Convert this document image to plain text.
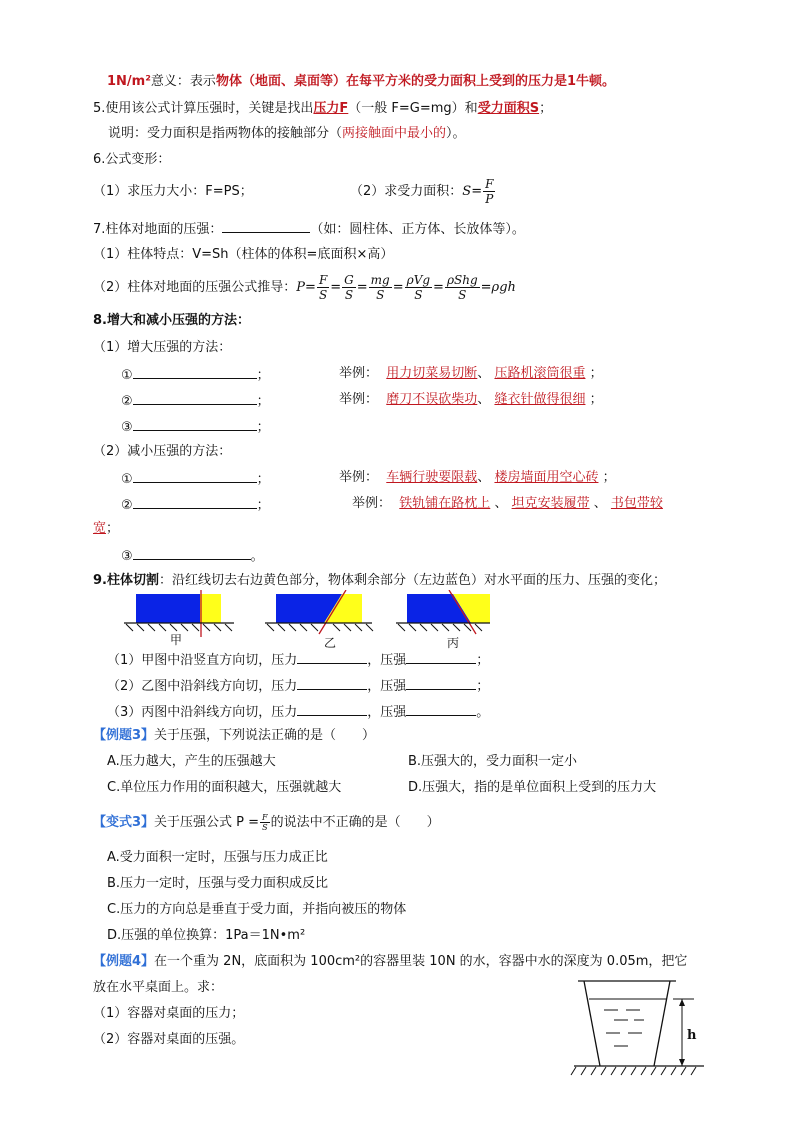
1N/m²意义：表示物体（地面、桌面等）在每平方米的受力面积上受到的压力是1牛顿。
5.使用该公式计算压强时，关键是找出压力F（一般 F=G=mg）和受力面积S；
说明：受力面积是指两物体的接触部分（两接触面中最小的）。
6.公式变形：
（1）求压力大小：F=PS；	（2）求受力面积：$S= \frac{F}{P}$
7.柱体对地面的压强：	（如：圆柱体、正方体、长放体等）。
（1）柱体特点：V=Sh（柱体的体积=底面积×高）
（2）柱体对地面的压强公式推导：$P= \frac{F}{S} = \frac{G}{S} = \frac{mg}{S} = \frac{\text{ρVg}}{S} = \frac{\text{ρShg}}{S} =\rho gh$
8.增大和减小压强的方法：
（1）增大压强的方法：
①	；	举例： 用力切菜易切断、 压路机滚筒很重 ；
②	；	举例： 磨刀不误砍柴功、 缝衣针做得很细 ；
③	；
（2）减小压强的方法：
①	；	举例： 车辆行驶要限载、 楼房墙面用空心砖 ；
②	；	举例： 铁轨铺在路枕上 、 坦克安装履带 、 书包带较
宽；
③	。
9.柱体切割：沿红线切去右边黄色部分，物体剩余部分（左边蓝色）对水平面的压力、压强的变化；
甲	乙	丙
（1）甲图中沿竖直方向切，压力	，压强	；
（2）乙图中沿斜线方向切，压力	，压强	；
（3）丙图中沿斜线方向切，压力	，压强	。
【例题3】关于压强，下列说法正确的是（　　）
A.压力越大，产生的压强越大	B.压强大的，受力面积一定小
C.单位压力作用的面积越大，压强就越大	D.压强大，指的是单位面积上受到的压力大
【变式3】关于压强公式 $P = \frac{F}{S}$ 的说法中不正确的是（　　）
A.受力面积一定时，压强与压力成正比
B.压力一定时，压强与受力面积成反比
C.压力的方向总是垂直于受力面，并指向被压的物体
D.压强的单位换算：1Pa＝1N•m²
【例题4】在一个重为 2N，底面积为 100cm²的容器里装 10N 的水，容器中水的深度为 0.05m，把它
放在水平桌面上。求：
（1）容器对桌面的压力；
（2）容器对桌面的压强。	h
